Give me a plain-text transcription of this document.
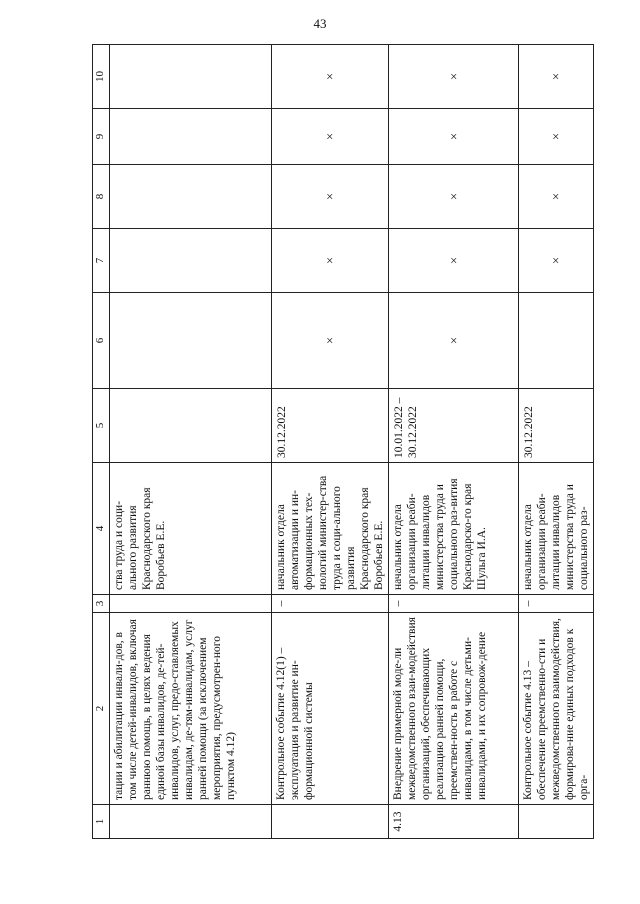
43
1	2	3	4	5	6	7	8	9	10
	тации и абилитации инвали-дов, в том числе детей-инвалидов, включая раннюю помощь, в целях ведения единой базы инвалидов, де-тей-инвалидов, услуг, предо-ставляемых инвалидам, де-тям-инвалидам, услуг ранней помощи (за исключением мероприятия, предусмотрен-ного пунктом 4.12)		ства труда и соци-ального развития Краснодарского края Воробьев Е.Е.						
	Контрольное событие 4.12(1) – эксплуатация и развитие ин-формационной системы	–	начальник отдела автоматизации и ин-формационных тех-нологий министер-ства труда и соци-ального развития Краснодарского края Воробьев Е.Е.	30.12.2022	×	×	×	×	×
4.13	Внедрение примерной моде-ли межведомственного взаи-модействия организаций, обеспечивающих реализацию ранней помощи, преемствен-ность в работе с инвалидами, в том числе детьми-инвалидами, и их сопровож-дение	–	начальник отдела организации реаби-литации инвалидов министерства труда и социального раз-вития Краснодарско-го края Шульга И.А.	10.01.2022 – 30.12.2022	×	×	×	×	×
	Контрольное событие 4.13 – обеспечение преемственно-сти и межведомственного взаимодействия, формирова-ние единых подходов к орга-	–	начальник отдела организации реаби-литации инвалидов министерства труда и социального раз-	30.12.2022		×	×	×	×
